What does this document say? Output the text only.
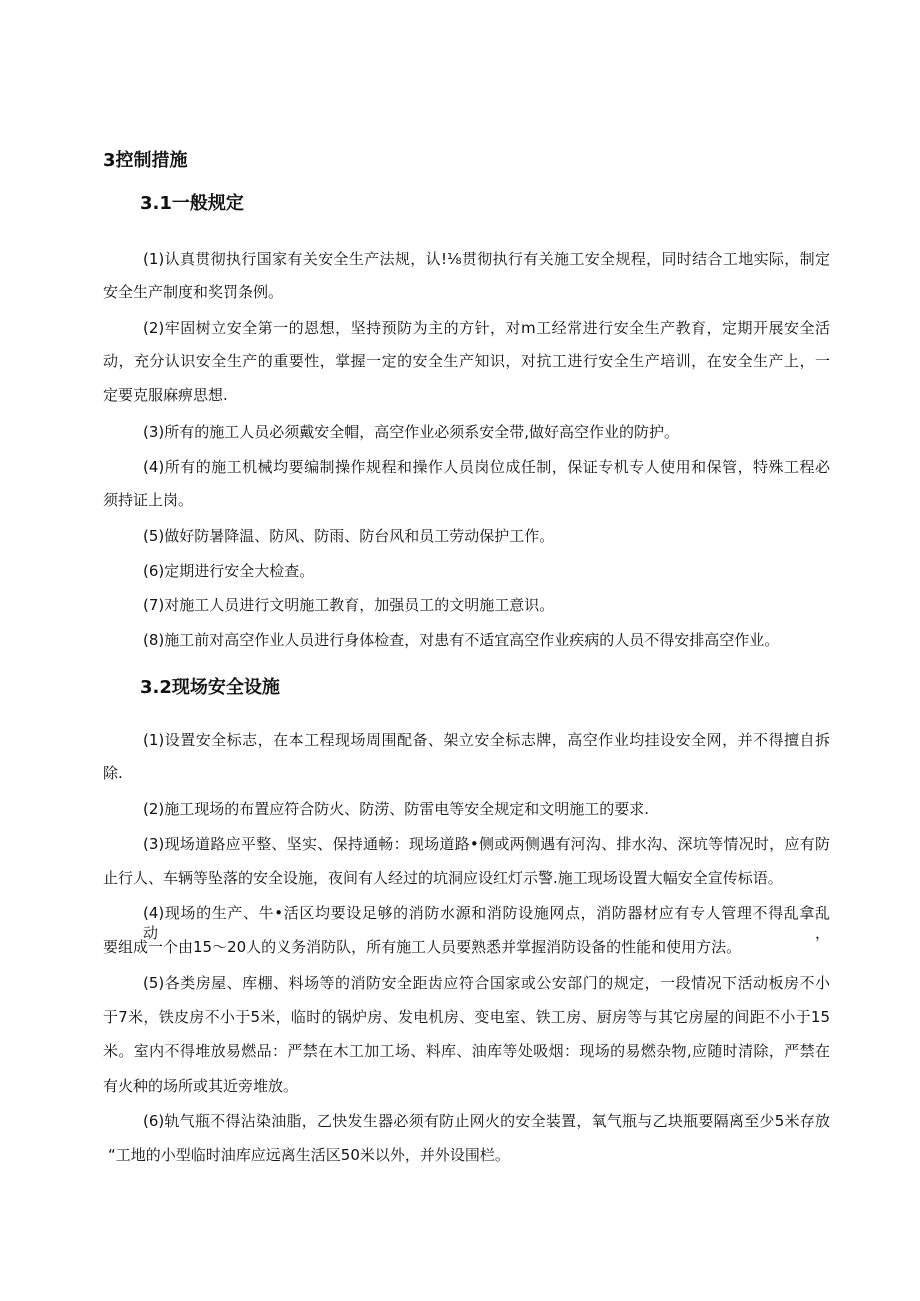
3控制措施
3.1一般规定
(1)认真贯彻执行国家有关安全生产法规，认!⅛贯彻执行有关施工安全规程，同时结合工地实际，制定
安全生产制度和奖罚条例。
(2)牢固树立安全第一的恩想，坚持预防为主的方针，对m工经常进行安全生产教育，定期开展安全活
动，充分认识安全生产的重要性，掌握一定的安全生产知识，对抗工进行安全生产培训，在安全生产上，一
定要克服麻痹思想.
(3)所有的施工人员必须戴安全帽，高空作业必须系安全带,做好高空作业的防护。
(4)所有的施工机械均要编制操作规程和操作人员岗位成任制，保证专机专人使用和保管，特殊工程必
须持证上岗。
(5)做好防暑降温、防风、防雨、防台风和员工劳动保护工作。
(6)定期进行安全大检查。
(7)对施工人员进行文明施工教育，加强员工的文明施工意识。
(8)施工前对高空作业人员进行身体检查，对患有不适宜高空作业疾病的人员不得安排高空作业。
3.2现场安全设施
(1)设置安全标志，在本工程现场周围配备、架立安全标志牌，高空作业均挂设安全网，并不得擅自拆
除.
(2)施工现场的布置应符合防火、防涝、防雷电等安全规定和文明施工的要求.
(3)现场道路应平整、坚实、保持通畅：现场道路•侧或两侧遇有河沟、排水沟、深坑等情况时，应有防
止行人、车辆等坠落的安全设施，夜间有人经过的坑洞应设红灯示警.施工现场设置大幅安全宣传标语。
(4)现场的生产、牛•活区均要设足够的消防水源和消防设施网点，消防器材应有专人管理不得乱拿乱动，
要组成一个由15〜20人的义务消防队，所有施工人员要熟悉并掌握消防设备的性能和使用方法。
(5)各类房屋、库棚、料场等的消防安全距齿应符合国家或公安部门的规定，一段情况下活动板房不小
于7米，铁皮房不小于5米，临时的锅炉房、发电机房、变电室、铁工房、厨房等与其它房屋的间距不小于15
米。室内不得堆放易燃品：严禁在木工加工场、料库、油库等处吸烟：现场的易燃杂物,应随时清除，严禁在
有火种的场所或其近旁堆放。
(6)轨气瓶不得沾染油脂，乙快发生器必须有防止网火的安全装置，氧气瓶与乙块瓶要隔离至少5米存放
“工地的小型临时油库应远离生活区50米以外，并外设围栏。
